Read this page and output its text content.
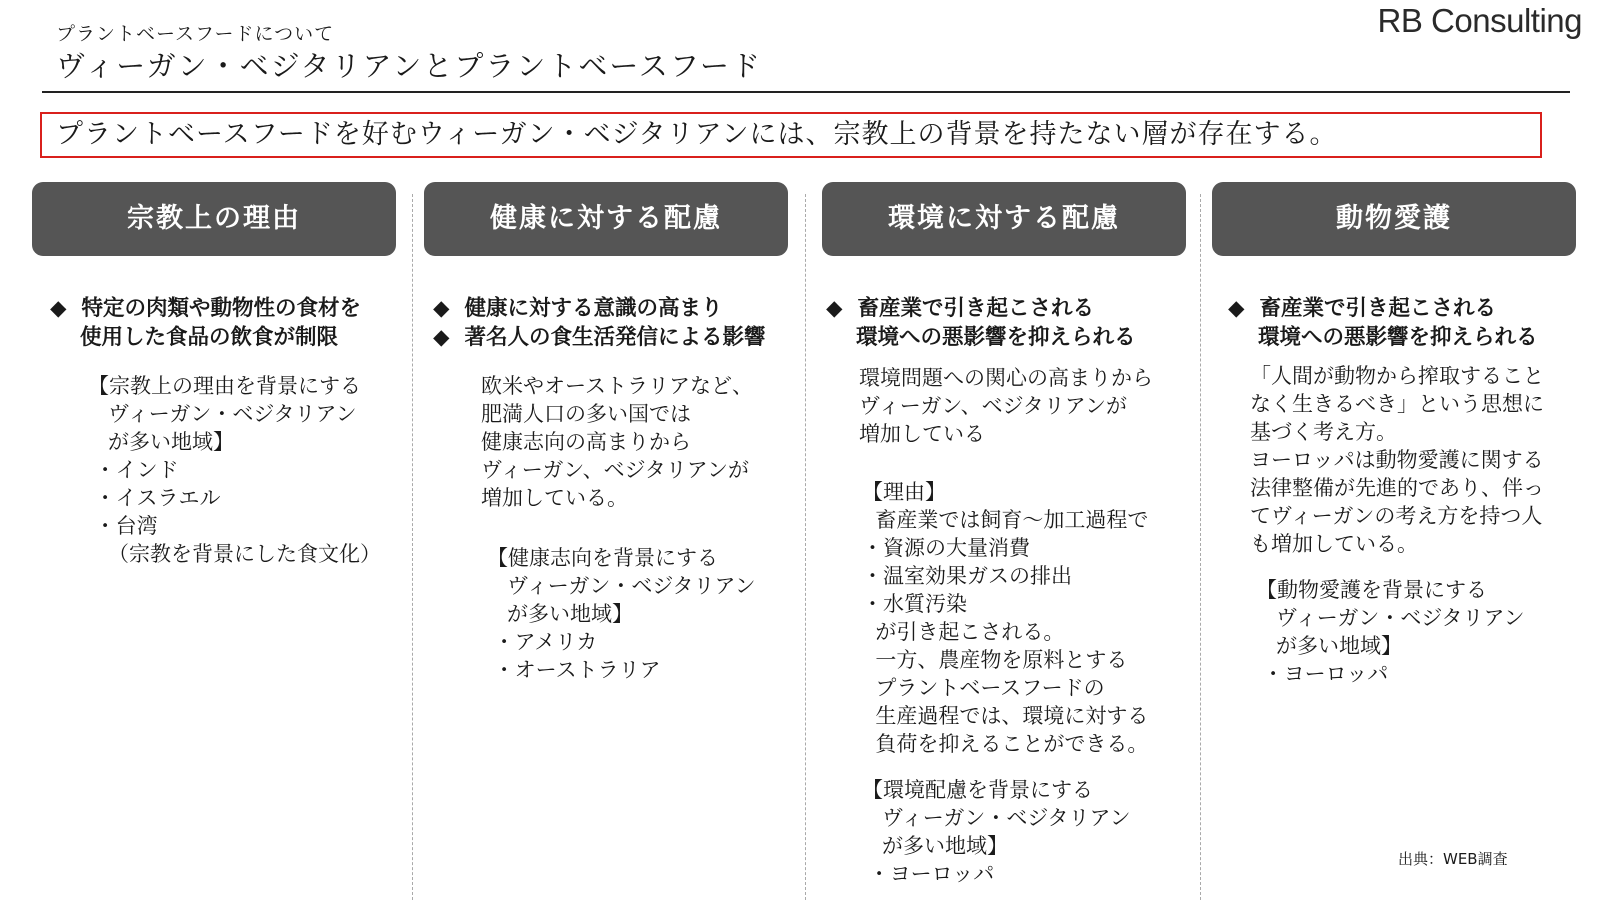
プラントベースフードについて
ヴィーガン・ベジタリアンとプラントベースフード
RB Consulting
プラントベースフードを好むウィーガン・ベジタリアンには、宗教上の背景を持たない層が存在する。
宗教上の理由	健康に対する配慮	環境に対する配慮	動物愛護
◆  特定の肉類や動物性の食材を
使用した食品の飲食が制限
【宗教上の理由を背景にする
ヴィーガン・ベジタリアン
が多い地域】
・インド
・イスラエル
・台湾
（宗教を背景にした食文化）
◆  健康に対する意識の高まり
◆  著名人の食生活発信による影響
欧米やオーストラリアなど、
肥満人口の多い国では
健康志向の高まりから
ヴィーガン、ベジタリアンが
増加している。
【健康志向を背景にする
ヴィーガン・ベジタリアン
が多い地域】
・アメリカ
・オーストラリア
◆  畜産業で引き起こされる
環境への悪影響を抑えられる
環境問題への関心の高まりから
ヴィーガン、ベジタリアンが
増加している
【理由】
畜産業では飼育〜加工過程で
・資源の大量消費
・温室効果ガスの排出
・水質汚染
が引き起こされる。
一方、農産物を原料とする
プラントベースフードの
生産過程では、環境に対する
負荷を抑えることができる。
【環境配慮を背景にする
ヴィーガン・ベジタリアン
が多い地域】
・ヨーロッパ
◆  畜産業で引き起こされる
環境への悪影響を抑えられる
「人間が動物から搾取すること
なく生きるべき」という思想に
基づく考え方。
ヨーロッパは動物愛護に関する
法律整備が先進的であり、伴っ
てヴィーガンの考え方を持つ人
も増加している。
【動物愛護を背景にする
ヴィーガン・ベジタリアン
が多い地域】
・ヨーロッパ
出典：WEB調査
